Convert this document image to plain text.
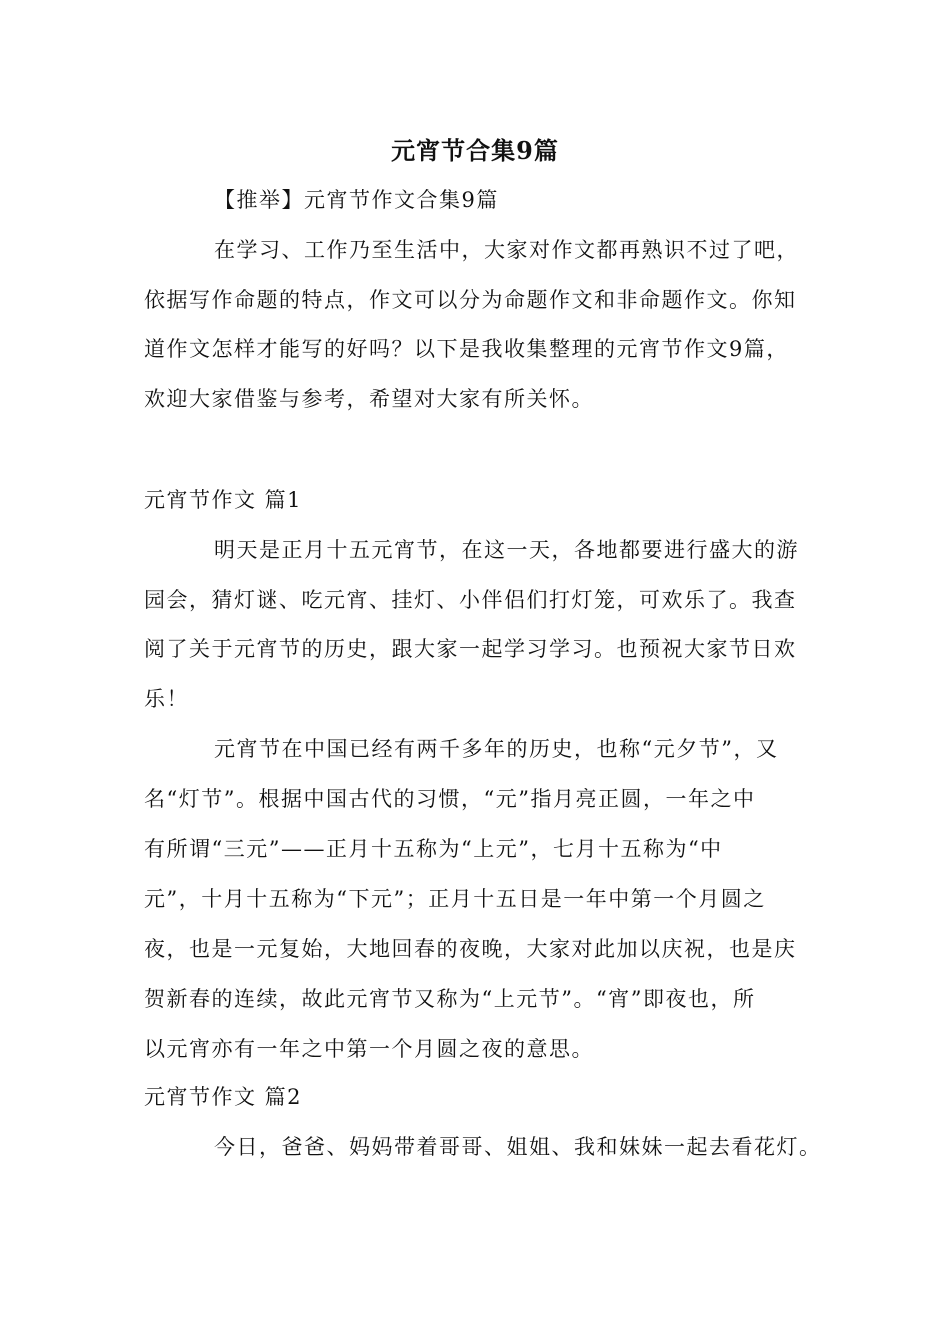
元宵节合集9篇
【推举】元宵节作文合集9篇
在学习、工作乃至生活中，大家对作文都再熟识不过了吧，
依据写作命题的特点，作文可以分为命题作文和非命题作文。你知
道作文怎样才能写的好吗？以下是我收集整理的元宵节作文9篇，
欢迎大家借鉴与参考，希望对大家有所关怀。
元宵节作文 篇1
明天是正月十五元宵节，在这一天，各地都要进行盛大的游
园会，猜灯谜、吃元宵、挂灯、小伴侣们打灯笼，可欢乐了。我查
阅了关于元宵节的历史，跟大家一起学习学习。也预祝大家节日欢
乐！
元宵节在中国已经有两千多年的历史，也称“元夕节”，又
名“灯节”。根据中国古代的习惯，“元”指月亮正圆，一年之中
有所谓“三元”——正月十五称为“上元”，七月十五称为“中
元”，十月十五称为“下元”；正月十五日是一年中第一个月圆之
夜，也是一元复始，大地回春的夜晚，大家对此加以庆祝，也是庆
贺新春的连续，故此元宵节又称为“上元节”。“宵”即夜也，所
以元宵亦有一年之中第一个月圆之夜的意思。
元宵节作文 篇2
今日，爸爸、妈妈带着哥哥、姐姐、我和妹妹一起去看花灯。
